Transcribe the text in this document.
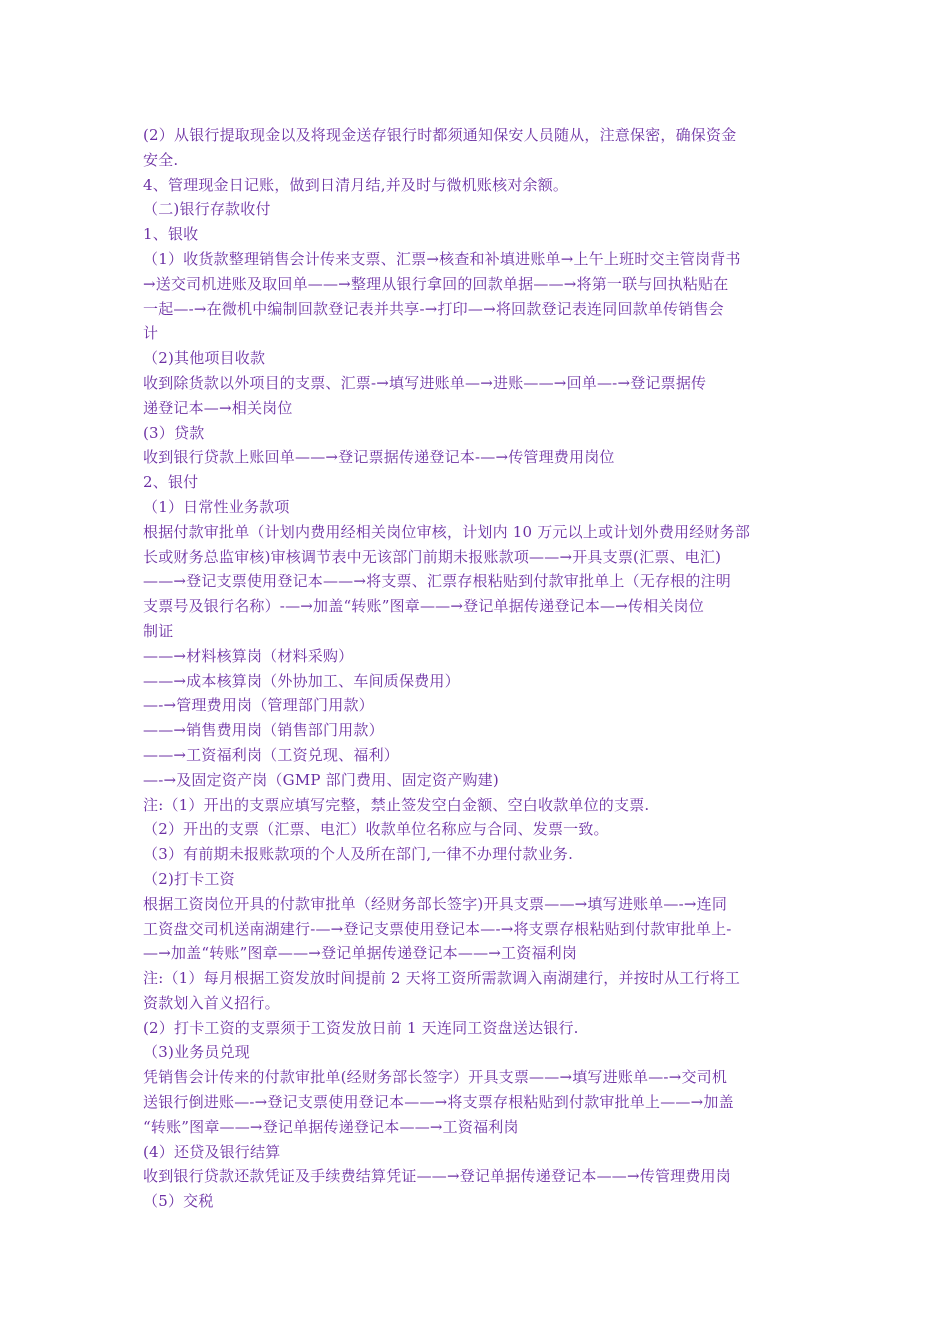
(2）从银行提取现金以及将现金送存银行时都须通知保安人员随从，注意保密，确保资金
安全.
4、管理现金日记账，做到日清月结,并及时与微机账核对余额。
（二)银行存款收付
1、银收
（1）收货款整理销售会计传来支票、汇票→核查和补填进账单→上午上班时交主管岗背书
→送交司机进账及取回单——→整理从银行拿回的回款单据——→将第一联与回执粘贴在
一起—-→在微机中编制回款登记表并共享-→打印—→将回款登记表连同回款单传销售会
计
（2)其他项目收款
收到除货款以外项目的支票、汇票-→填写进账单—→进账——→回单—-→登记票据传
递登记本—→相关岗位
(3）贷款
收到银行贷款上账回单——→登记票据传递登记本-—→传管理费用岗位
2、银付
（1）日常性业务款项
根据付款审批单（计划内费用经相关岗位审核，计划内 10 万元以上或计划外费用经财务部
长或财务总监审核)审核调节表中无该部门前期未报账款项——→开具支票(汇票、电汇)
——→登记支票使用登记本——→将支票、汇票存根粘贴到付款审批单上（无存根的注明
支票号及银行名称）-—→加盖“转账”图章——→登记单据传递登记本—→传相关岗位
制证
——→材料核算岗（材料采购）
——→成本核算岗（外协加工、车间质保费用）
—-→管理费用岗（管理部门用款）
——→销售费用岗（销售部门用款）
——→工资福利岗（工资兑现、福利）
—-→及固定资产岗（GMP 部门费用、固定资产购建)
注:（1）开出的支票应填写完整，禁止签发空白金额、空白收款单位的支票.
（2）开出的支票（汇票、电汇）收款单位名称应与合同、发票一致。
（3）有前期未报账款项的个人及所在部门,一律不办理付款业务.
（2)打卡工资
根据工资岗位开具的付款审批单（经财务部长签字)开具支票——→填写进账单—-→连同
工资盘交司机送南湖建行-—→登记支票使用登记本—-→将支票存根粘贴到付款审批单上-
—→加盖“转账”图章——→登记单据传递登记本——→工资福利岗
注:（1）每月根据工资发放时间提前 2 天将工资所需款调入南湖建行，并按时从工行将工
资款划入首义招行。
(2）打卡工资的支票须于工资发放日前 1 天连同工资盘送达银行.
（3)业务员兑现
凭销售会计传来的付款审批单(经财务部长签字）开具支票——→填写进账单—-→交司机
送银行倒进账—-→登记支票使用登记本——→将支票存根粘贴到付款审批单上——→加盖
“转账”图章——→登记单据传递登记本——→工资福利岗
(4）还贷及银行结算
收到银行贷款还款凭证及手续费结算凭证——→登记单据传递登记本——→传管理费用岗
（5）交税
